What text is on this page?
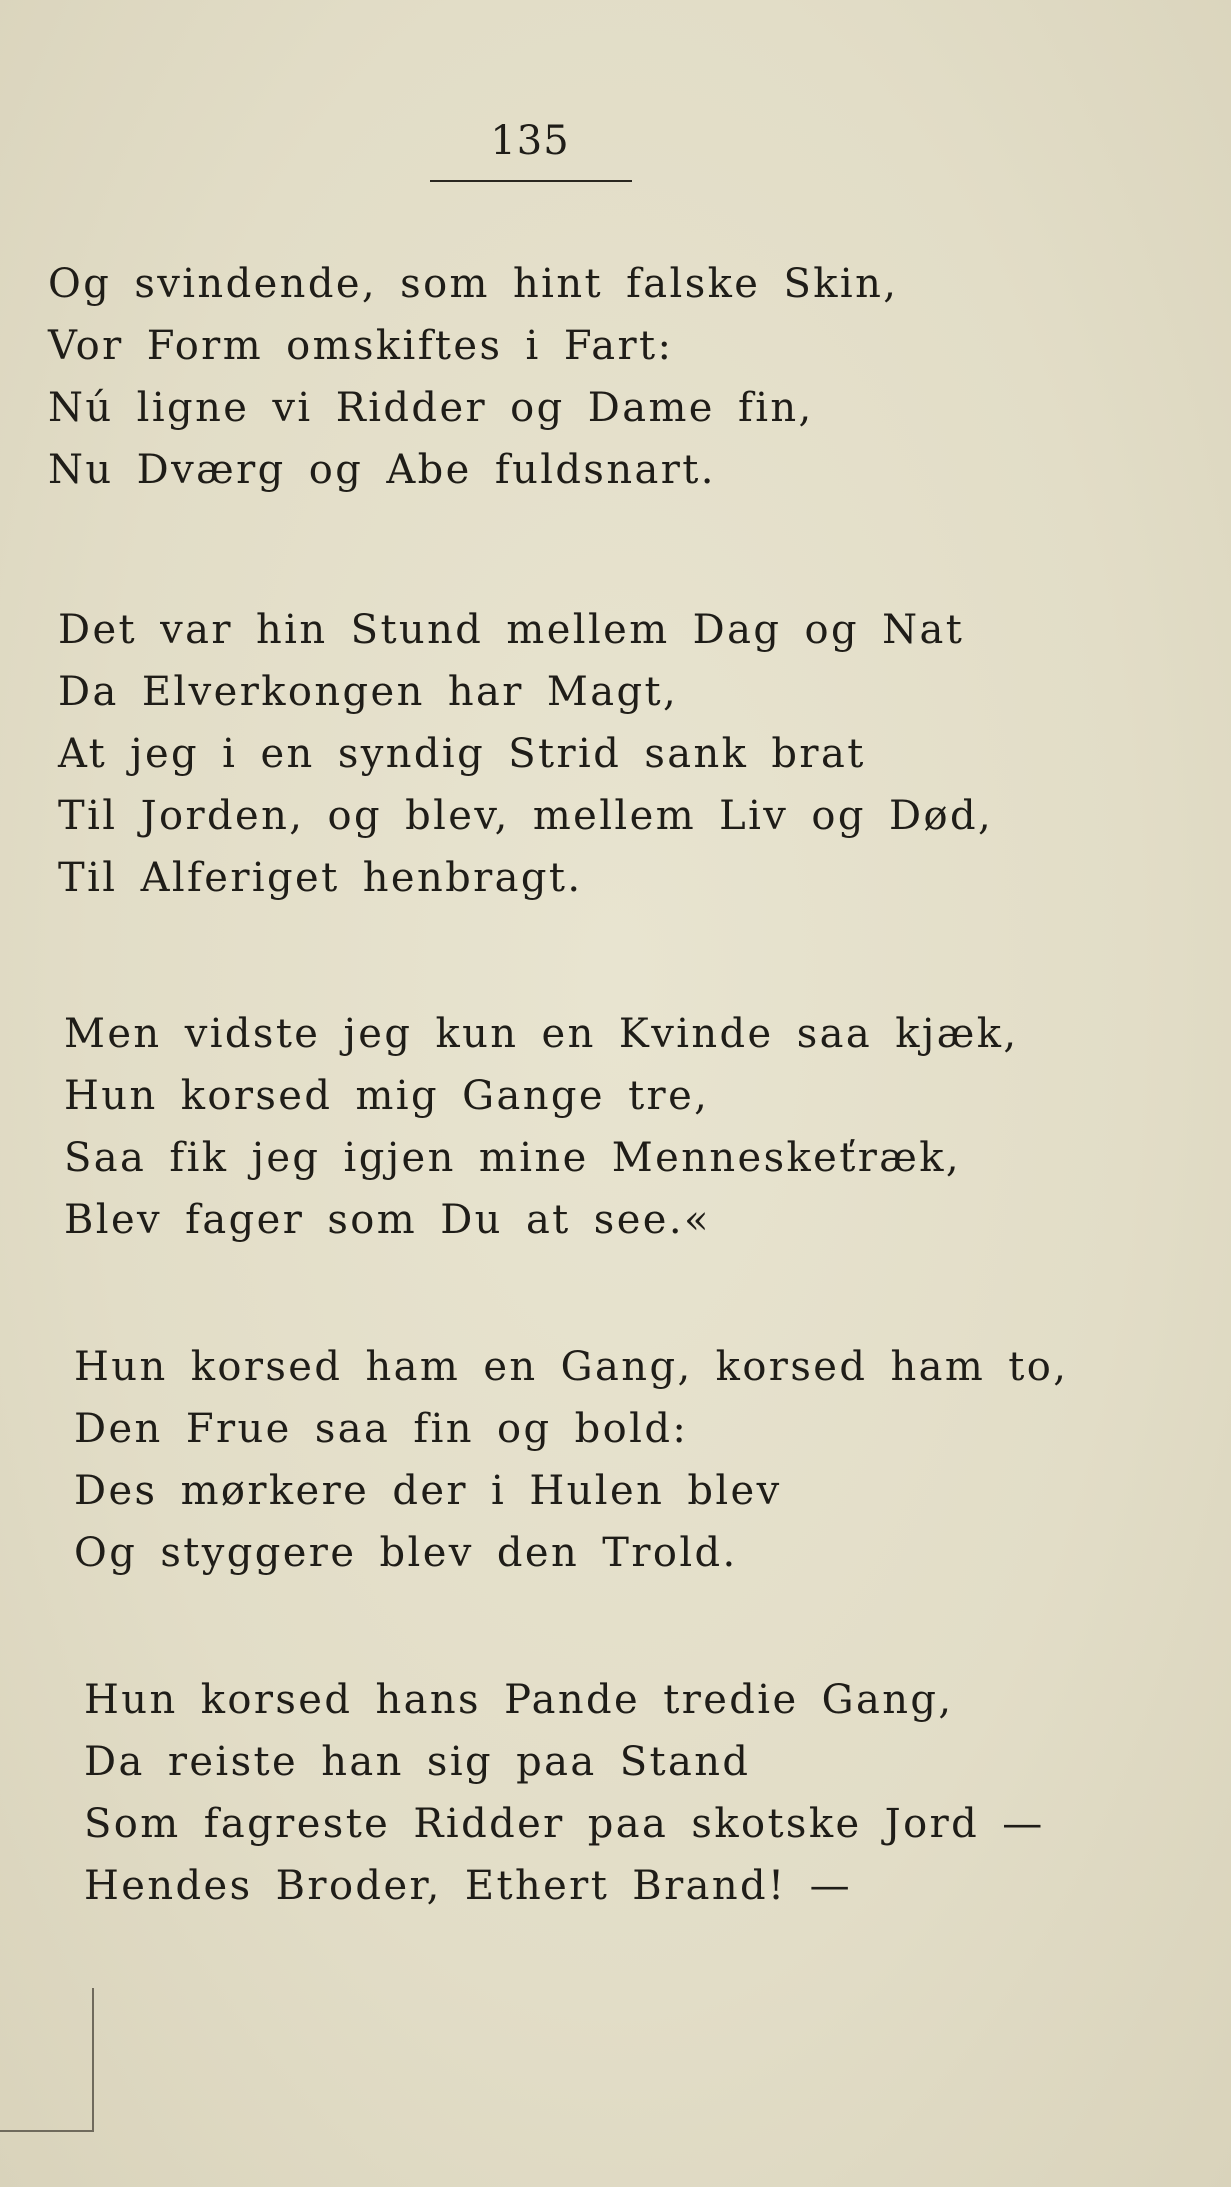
135
Og svindende, som hint falske Skin,
Vor Form omskiftes i Fart:
Nú ligne vi Ridder og Dame fin,
Nu Dværg og Abe fuldsnart.
Det var hin Stund mellem Dag og Nat
Da Elverkongen har Magt,
At jeg i en syndig Strid sank brat
Til Jorden, og blev, mellem Liv og Død,
Til Alferiget henbragt.
Men vidste jeg kun en Kvinde saa kjæk,
Hun korsed mig Gange tre,
Saa fik jeg igjen mine Menneskeťræk,
Blev fager som Du at see.«
Hun korsed ham en Gang, korsed ham to,
Den Frue saa fin og bold:
Des mørkere der i Hulen blev
Og styggere blev den Trold.
Hun korsed hans Pande tredie Gang,
Da reiste han sig paa Stand
Som fagreste Ridder paa skotske Jord —
Hendes Broder, Ethert Brand! —
